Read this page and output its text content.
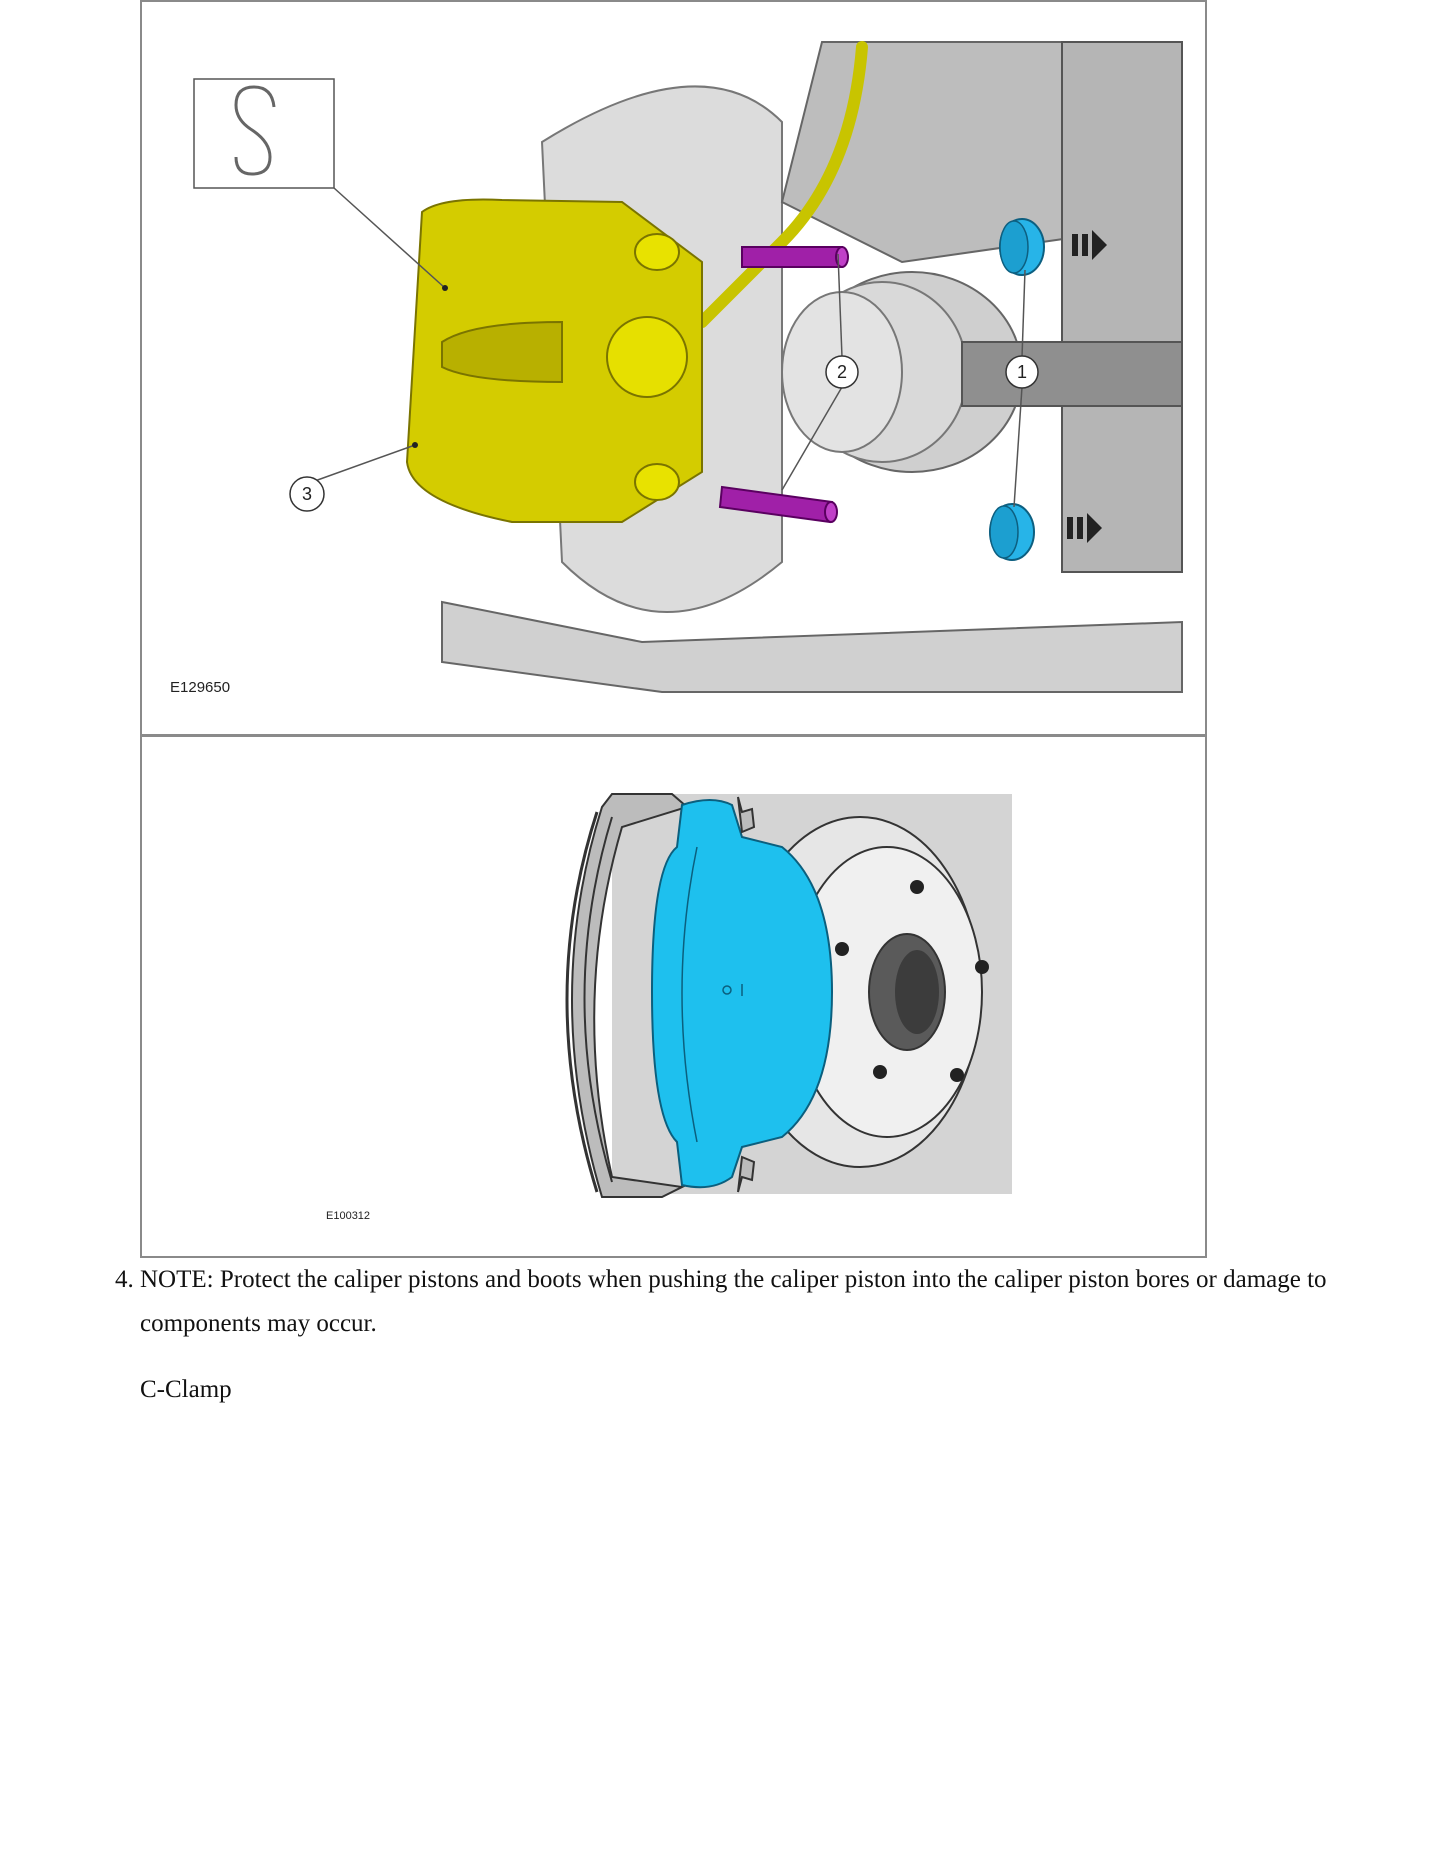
1
2
3
E129650
E100312
4. NOTE: Protect the caliper pistons and boots when pushing the caliper piston into the caliper piston bores or damage to components may occur.
C-Clamp
